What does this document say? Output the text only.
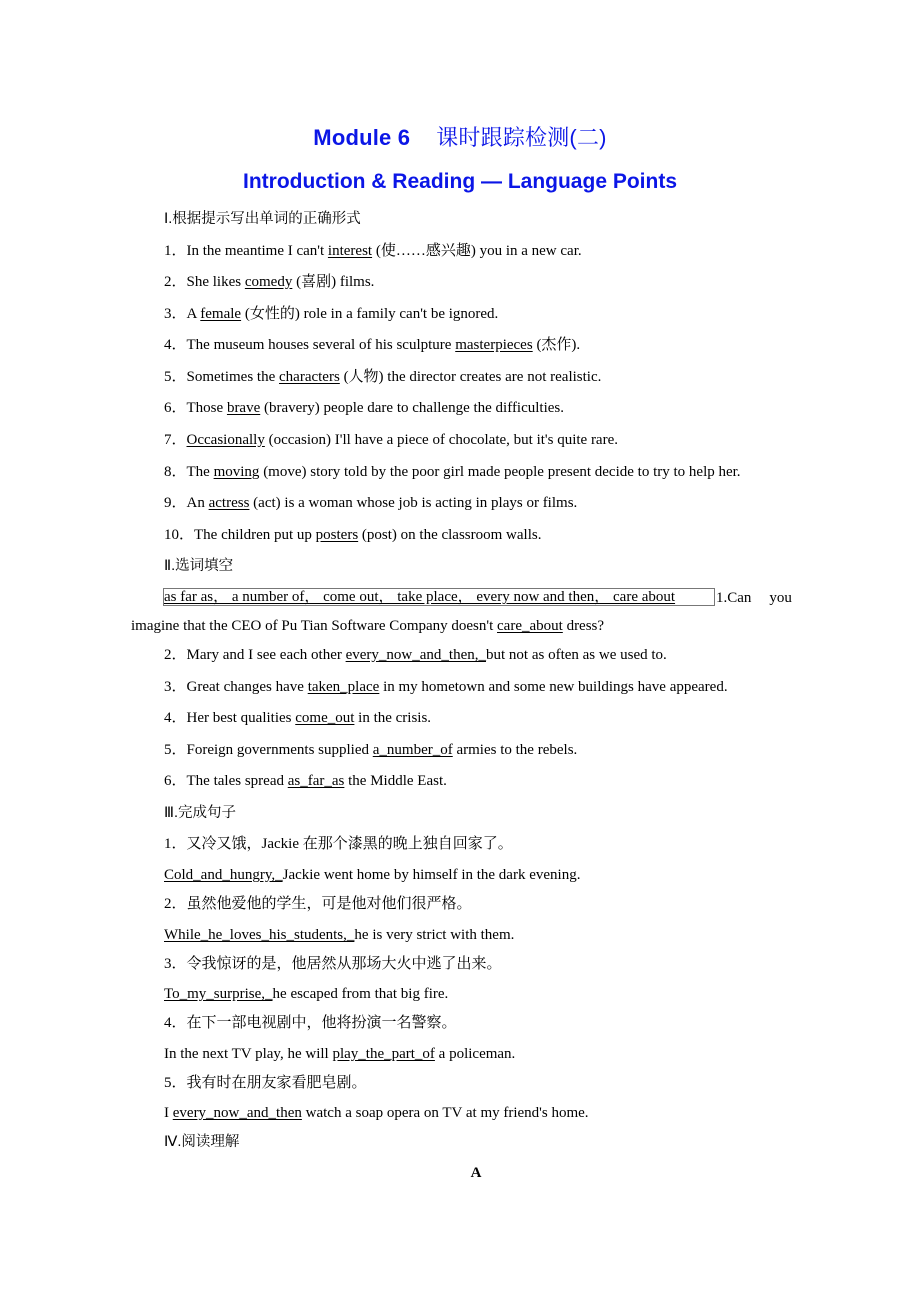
Module 6 课时跟踪检测(二)
Introduction & Reading — Language Points
Ⅰ.根据提示写出单词的正确形式
1．In the meantime I can't interest (使……感兴趣) you in a new car.
2．She likes comedy (喜剧) films.
3．A female (女性的) role in a family can't be ignored.
4．The museum houses several of his sculpture masterpieces (杰作).
5．Sometimes the characters (人物) the director creates are not realistic.
6．Those brave (bravery) people dare to challenge the difficulties.
7．Occasionally (occasion) I'll have a piece of chocolate, but it's quite rare.
8．The moving (move) story told by the poor girl made people present decide to try to help her.
9．An actress (act) is a woman whose job is acting in plays or films.
10．The children put up posters (post) on the classroom walls.
Ⅱ.选词填空
as far as， a number of， come out， take place， every now and then， care about	1.Can you
imagine that the CEO of Pu Tian Software Company doesn't care_about dress?
2．Mary and I see each other every_now_and_then,_but not as often as we used to.
3．Great changes have taken_place in my hometown and some new buildings have appeared.
4．Her best qualities come_out in the crisis.
5．Foreign governments supplied a_number_of armies to the rebels.
6．The tales spread as_far_as the Middle East.
Ⅲ.完成句子
1．又冷又饿，Jackie 在那个漆黑的晚上独自回家了。
Cold_and_hungry,_Jackie went home by himself in the dark evening.
2．虽然他爱他的学生，可是他对他们很严格。
While_he_loves_his_students,_he is very strict with them.
3．令我惊讶的是，他居然从那场大火中逃了出来。
To_my_surprise,_he escaped from that big fire.
4．在下一部电视剧中，他将扮演一名警察。
In the next TV play, he will play_the_part_of a policeman.
5．我有时在朋友家看肥皂剧。
I every_now_and_then watch a soap opera on TV at my friend's home.
Ⅳ.阅读理解
A
